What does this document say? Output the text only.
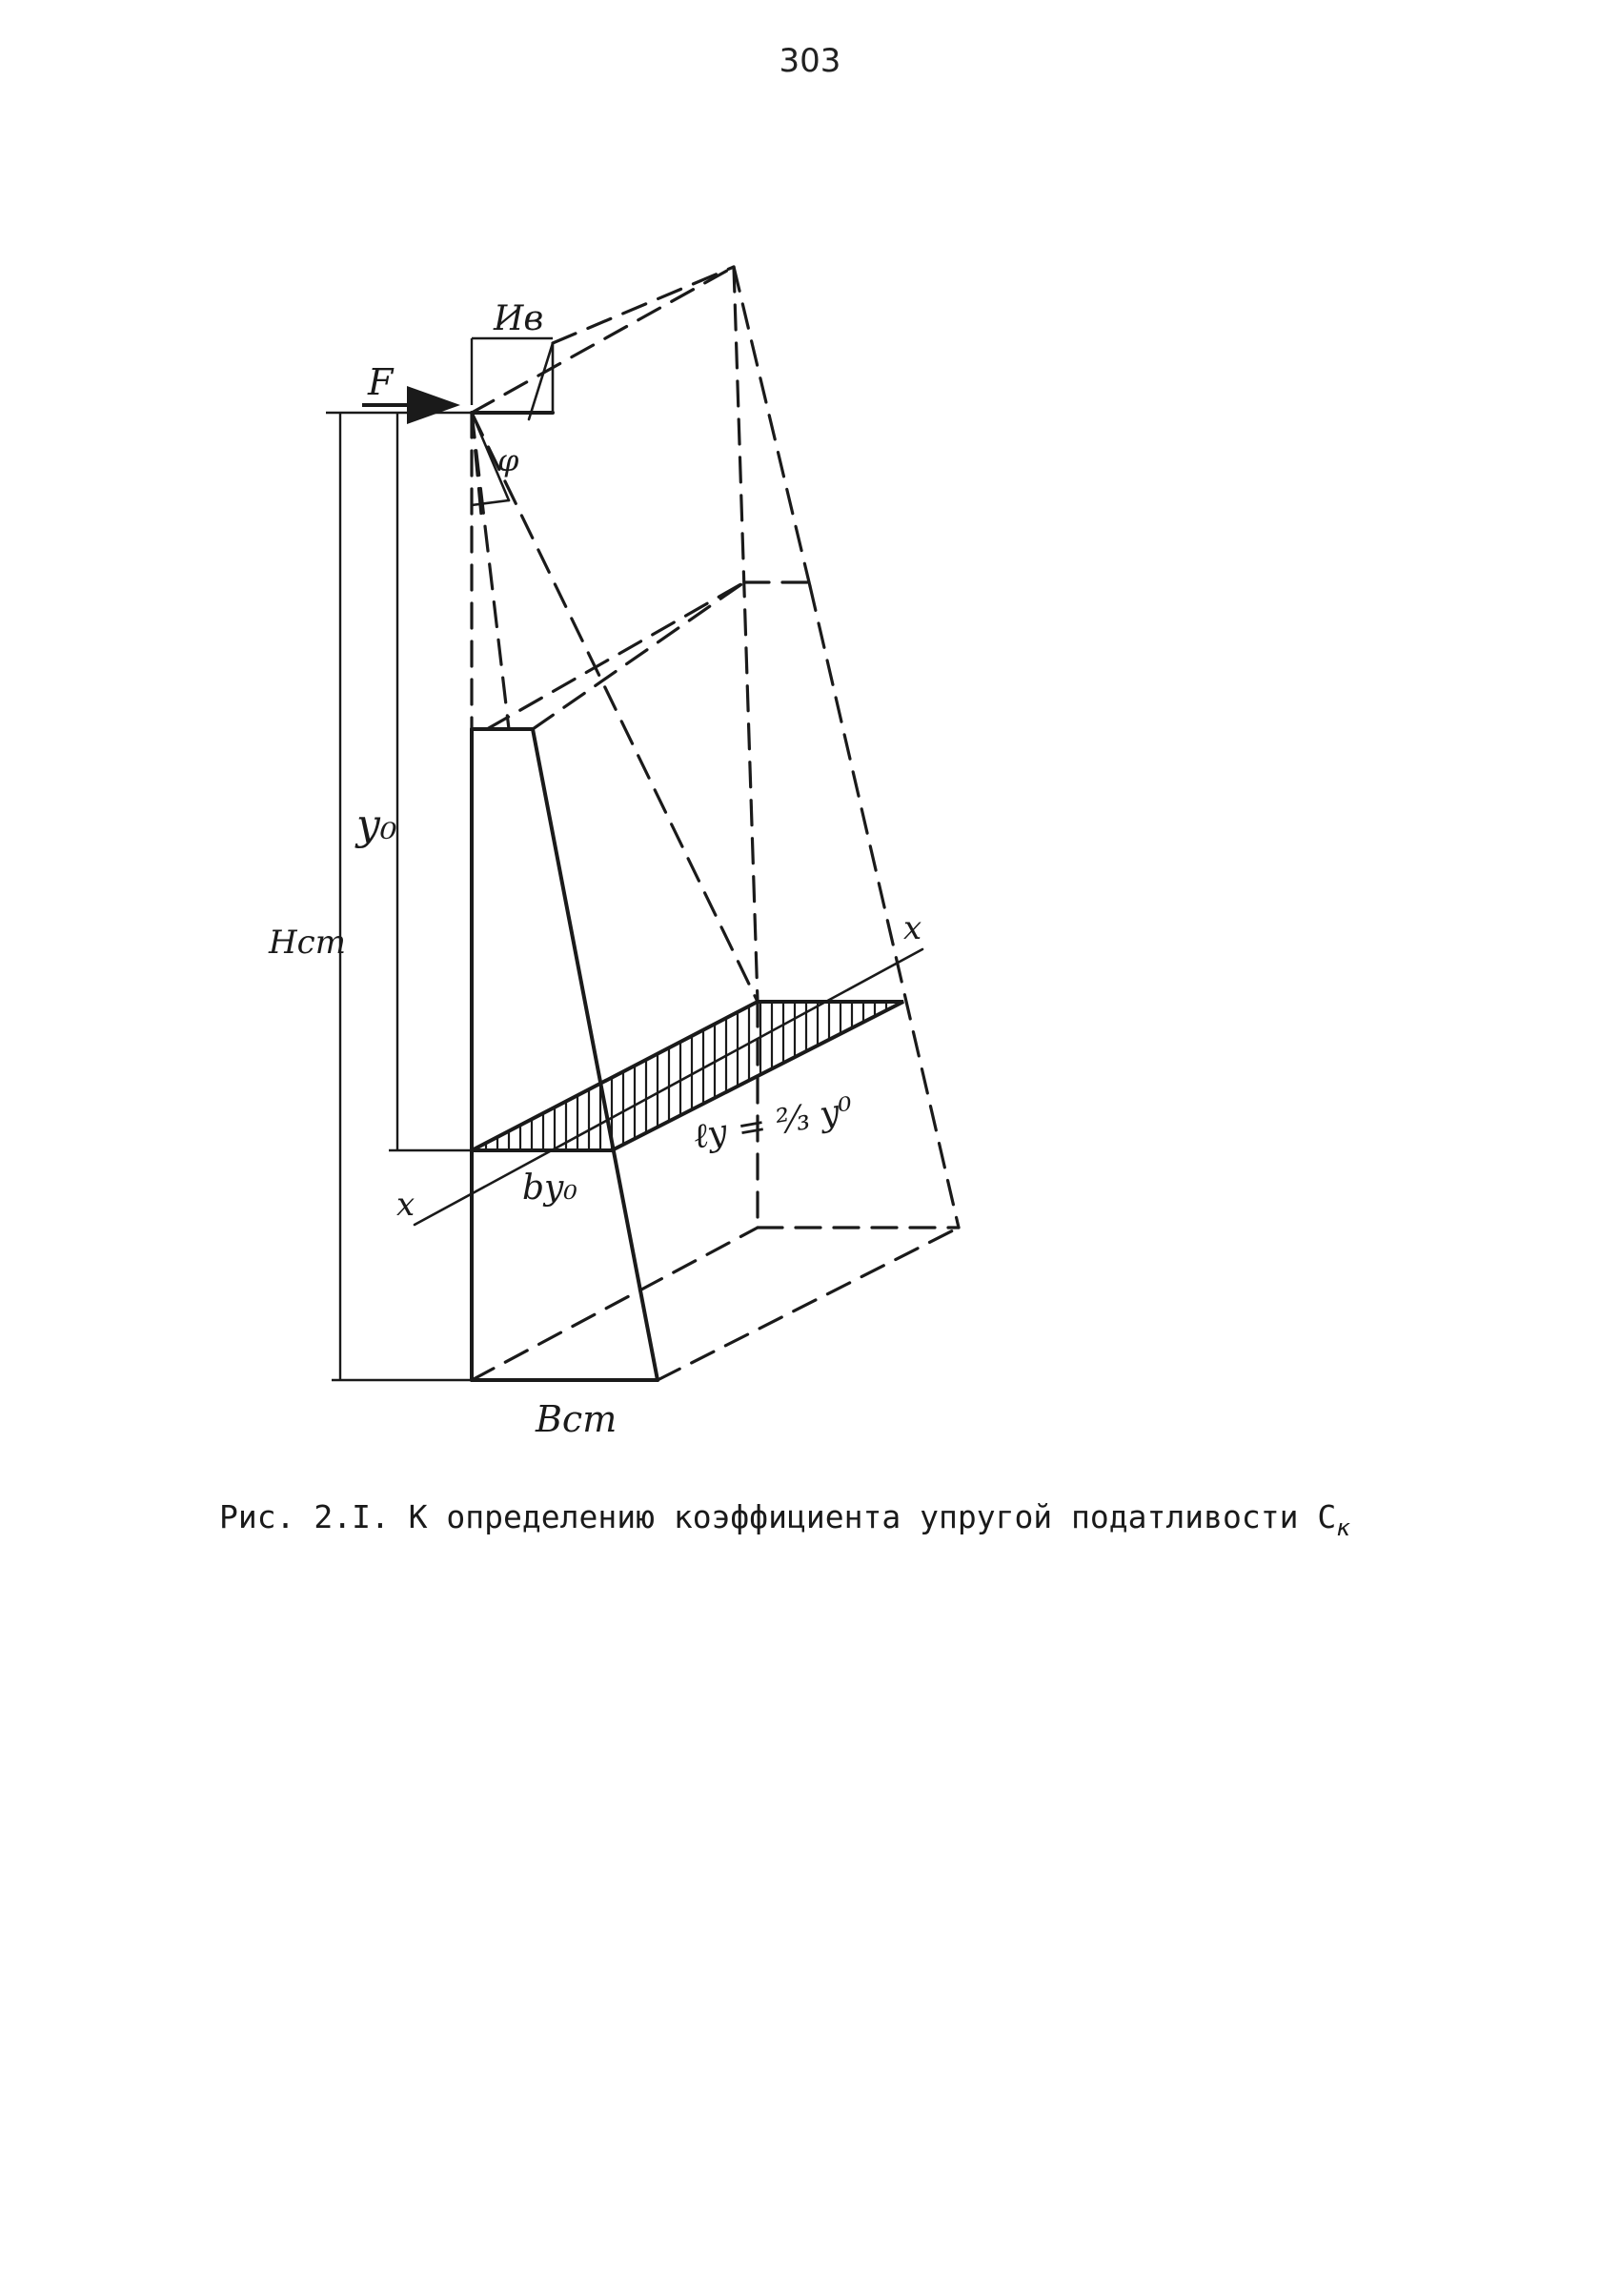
303
F
Ив
φ
y₀
Hст	x
x
ℓy = ²⁄₃ y⁰
by₀
Bст
Рис. 2.I. К определению коэффициента упругой податливости $С_к$
